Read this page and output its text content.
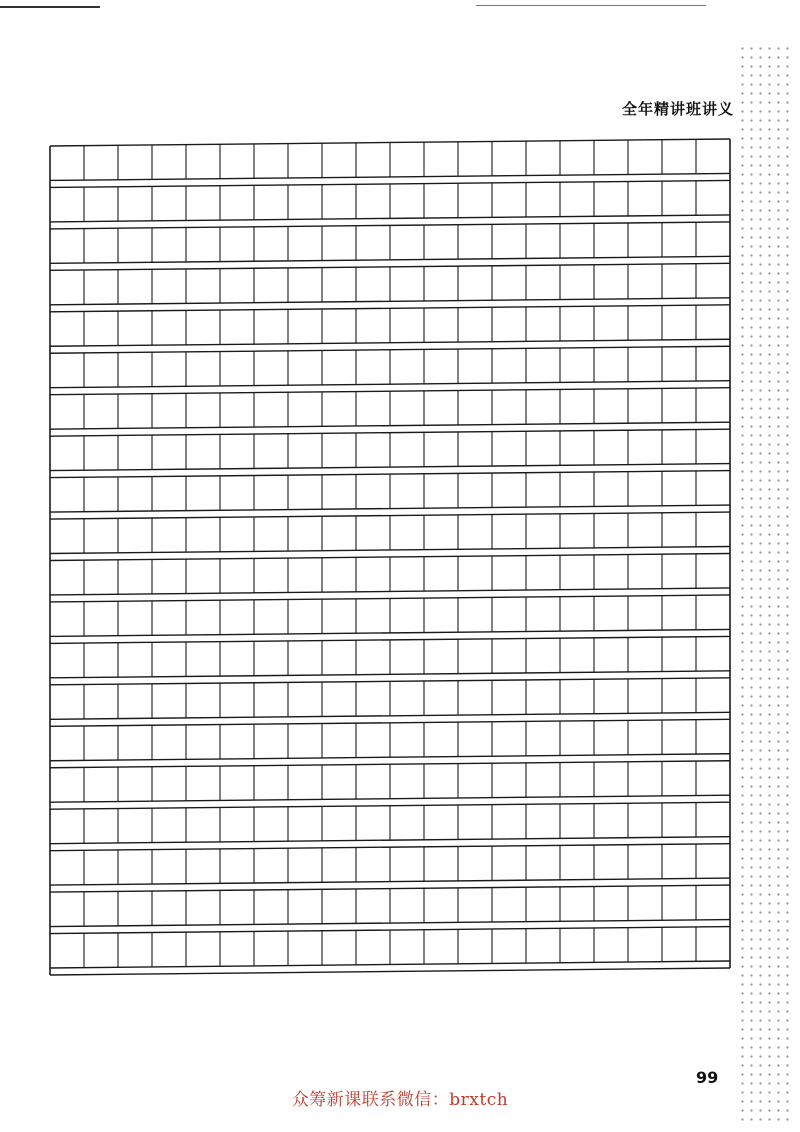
全年精讲班讲义
99
众筹新课联系微信：brxtch
